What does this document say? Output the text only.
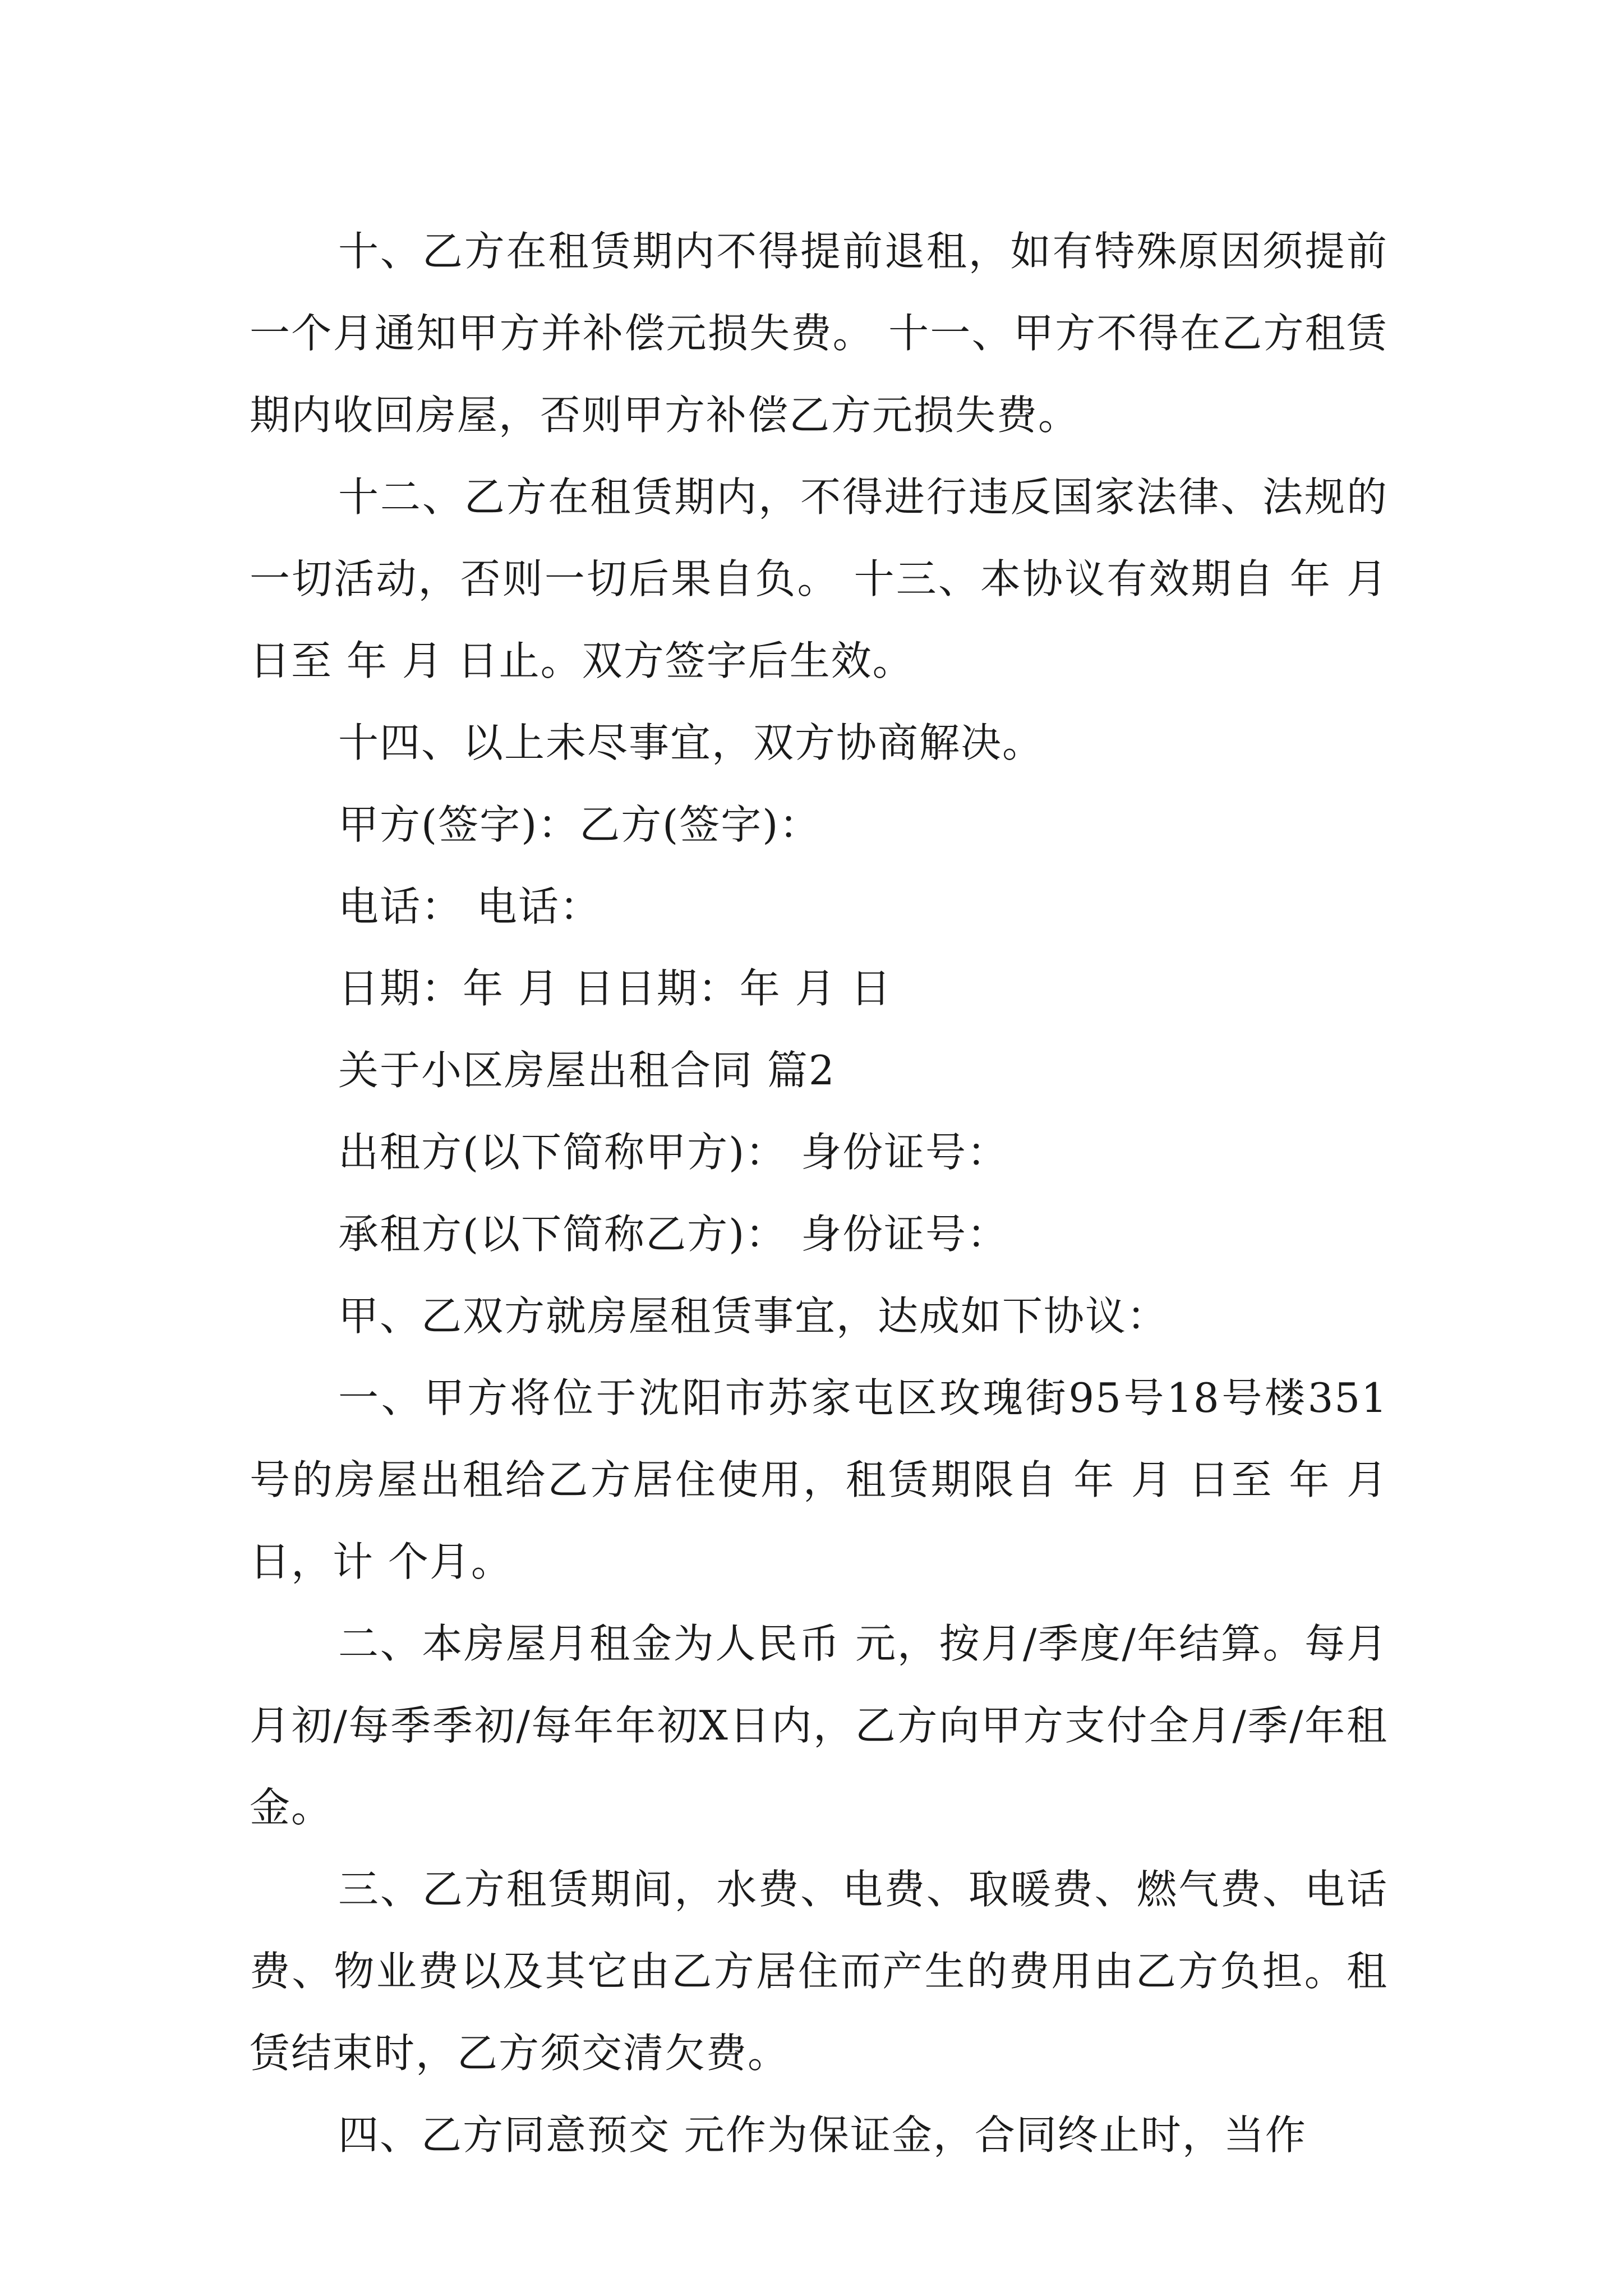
十、乙方在租赁期内不得提前退租，如有特殊原因须提前一个月通知甲方并补偿元损失费。 十一、甲方不得在乙方租赁期内收回房屋，否则甲方补偿乙方元损失费。

十二、乙方在租赁期内，不得进行违反国家法律、法规的一切活动，否则一切后果自负。 十三、本协议有效期自 年 月 日至 年 月 日止。双方签字后生效。

十四、以上未尽事宜，双方协商解决。

甲方(签字)：乙方(签字)：

电话： 电话：

日期：年 月 日日期：年 月 日

关于小区房屋出租合同 篇2

出租方(以下简称甲方)： 身份证号：

承租方(以下简称乙方)： 身份证号：

甲、乙双方就房屋租赁事宜，达成如下协议：

一、甲方将位于沈阳市苏家屯区玫瑰街95号18号楼351号的房屋出租给乙方居住使用，租赁期限自 年 月 日至 年 月 日，计 个月。

二、本房屋月租金为人民币 元，按月/季度/年结算。每月月初/每季季初/每年年初X日内，乙方向甲方支付全月/季/年租金。

三、乙方租赁期间，水费、电费、取暖费、燃气费、电话费、物业费以及其它由乙方居住而产生的费用由乙方负担。租赁结束时，乙方须交清欠费。

四、乙方同意预交 元作为保证金，合同终止时，当作
